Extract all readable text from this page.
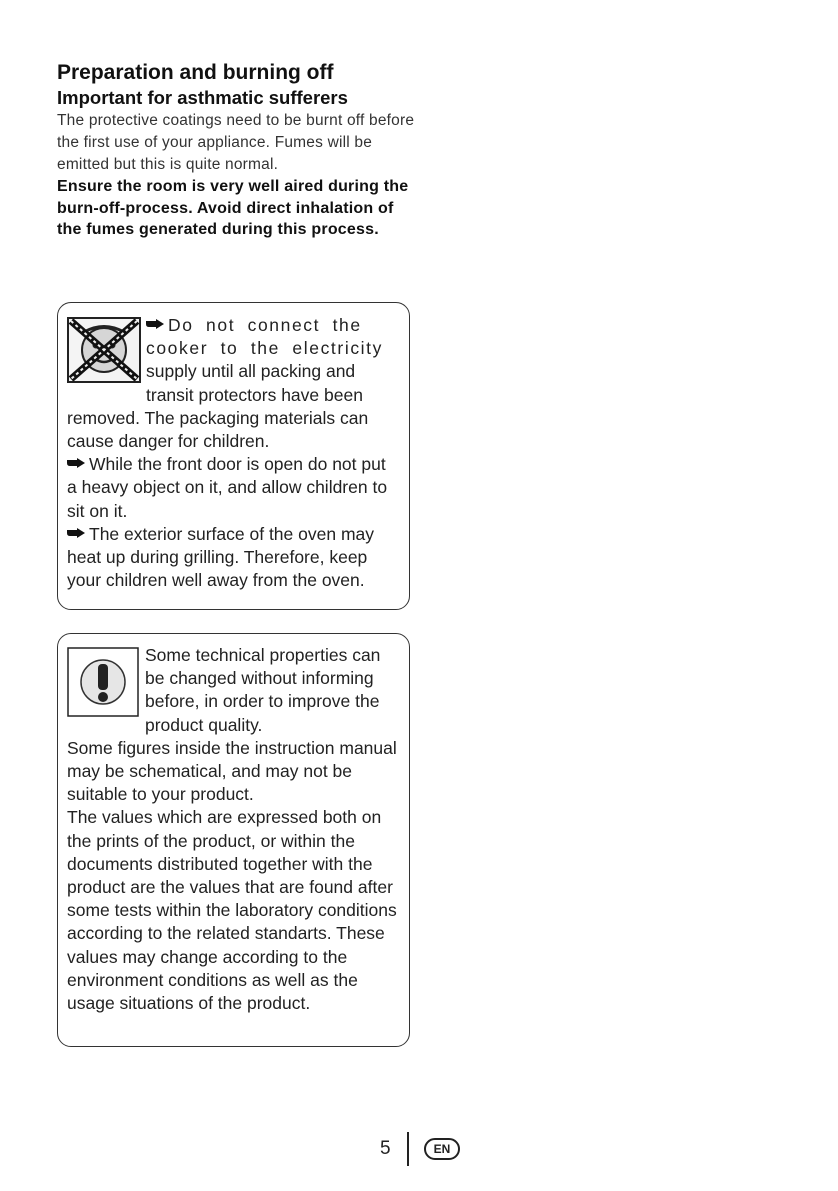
Preparation and burning off

Important for asthmatic sufferers

The protective coatings need to be burnt off before the first use of your appliance. Fumes will be emitted but this is quite normal.

Ensure the room is very well aired during the burn-off-process. Avoid direct inhalation of the fumes generated during this process.

Do not connect the
cooker to the electricity
supply until all packing and
transit protectors have been removed. The packaging materials can cause danger for children.
While the front door is open do not put a heavy object on it, and allow children to sit on it.
The exterior surface of the oven may heat up during grilling. Therefore, keep your children well away from the oven.
Some technical properties can
be changed without informing
before, in order to improve the
product quality.
Some figures inside the instruction manual may be schematical, and may not be suitable to your product.
The values which are expressed both on the prints of the product, or within the documents distributed together with the product are the values that are found after some tests within the laboratory conditions according to the related standarts. These values may change according to the environment conditions as well as the usage situations of the product.
5	EN
